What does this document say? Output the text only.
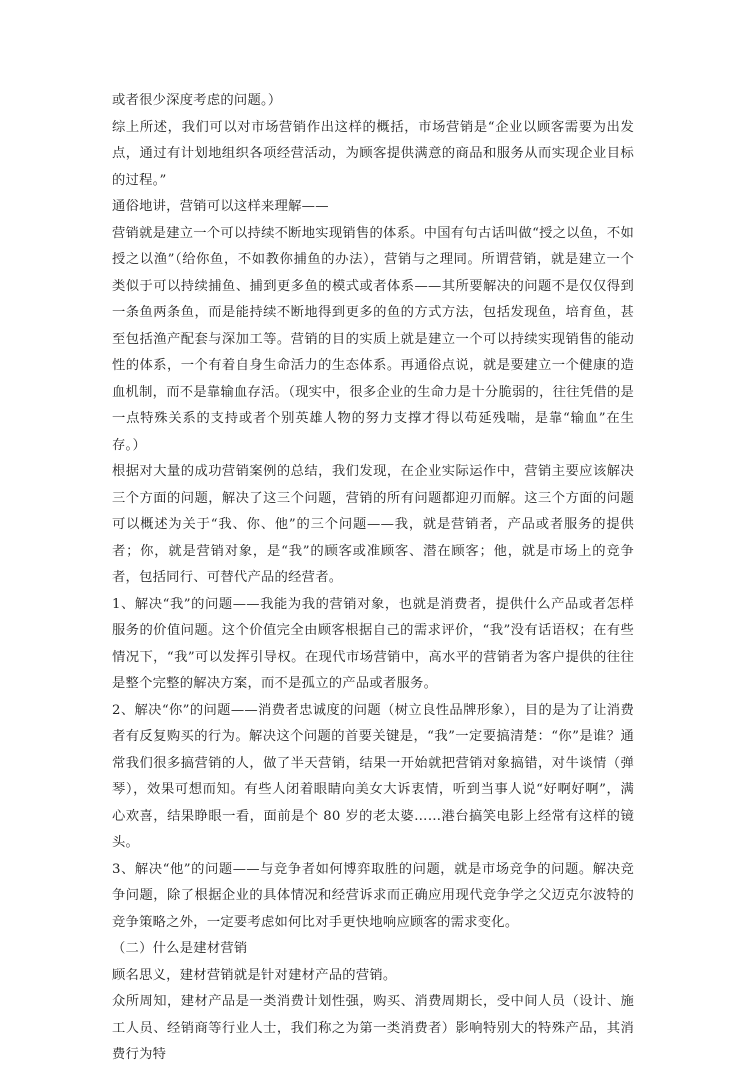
或者很少深度考虑的问题。）

综上所述，我们可以对市场营销作出这样的概括，市场营销是“企业以顾客需要为出发点，通过有计划地组织各项经营活动，为顾客提供满意的商品和服务从而实现企业目标的过程。”

通俗地讲，营销可以这样来理解——

营销就是建立一个可以持续不断地实现销售的体系。中国有句古话叫做“授之以鱼，不如授之以渔”（给你鱼，不如教你捕鱼的办法），营销与之理同。所谓营销，就是建立一个类似于可以持续捕鱼、捕到更多鱼的模式或者体系——其所要解决的问题不是仅仅得到一条鱼两条鱼，而是能持续不断地得到更多的鱼的方式方法，包括发现鱼，培育鱼，甚至包括渔产配套与深加工等。营销的目的实质上就是建立一个可以持续实现销售的能动性的体系，一个有着自身生命活力的生态体系。再通俗点说，就是要建立一个健康的造血机制，而不是靠输血存活。（现实中，很多企业的生命力是十分脆弱的，往往凭借的是一点特殊关系的支持或者个别英雄人物的努力支撑才得以苟延残喘，是靠“输血”在生存。）

根据对大量的成功营销案例的总结，我们发现，在企业实际运作中，营销主要应该解决三个方面的问题，解决了这三个问题，营销的所有问题都迎刃而解。这三个方面的问题可以概述为关于“我、你、他”的三个问题——我，就是营销者，产品或者服务的提供者；你，就是营销对象，是“我”的顾客或准顾客、潜在顾客；他，就是市场上的竞争者，包括同行、可替代产品的经营者。

1、解决“我”的问题——我能为我的营销对象，也就是消费者，提供什么产品或者怎样服务的价值问题。这个价值完全由顾客根据自己的需求评价，“我”没有话语权；在有些情况下，“我”可以发挥引导权。在现代市场营销中，高水平的营销者为客户提供的往往是整个完整的解决方案，而不是孤立的产品或者服务。

2、解决“你”的问题——消费者忠诚度的问题（树立良性品牌形象），目的是为了让消费者有反复购买的行为。解决这个问题的首要关键是，“我”一定要搞清楚：“你”是谁？通常我们很多搞营销的人，做了半天营销，结果一开始就把营销对象搞错，对牛谈情（弹琴），效果可想而知。有些人闭着眼睛向美女大诉衷情，听到当事人说“好啊好啊”，满心欢喜，结果睁眼一看，面前是个 80 岁的老太婆……港台搞笑电影上经常有这样的镜头。

3、解决“他”的问题——与竞争者如何博弈取胜的问题，就是市场竞争的问题。解决竞争问题，除了根据企业的具体情况和经营诉求而正确应用现代竞争学之父迈克尔波特的竞争策略之外，一定要考虑如何比对手更快地响应顾客的需求变化。

（二）什么是建材营销

顾名思义，建材营销就是针对建材产品的营销。

众所周知，建材产品是一类消费计划性强，购买、消费周期长，受中间人员（设计、施工人员、经销商等行业人士，我们称之为第一类消费者）影响特别大的特殊产品，其消费行为特
